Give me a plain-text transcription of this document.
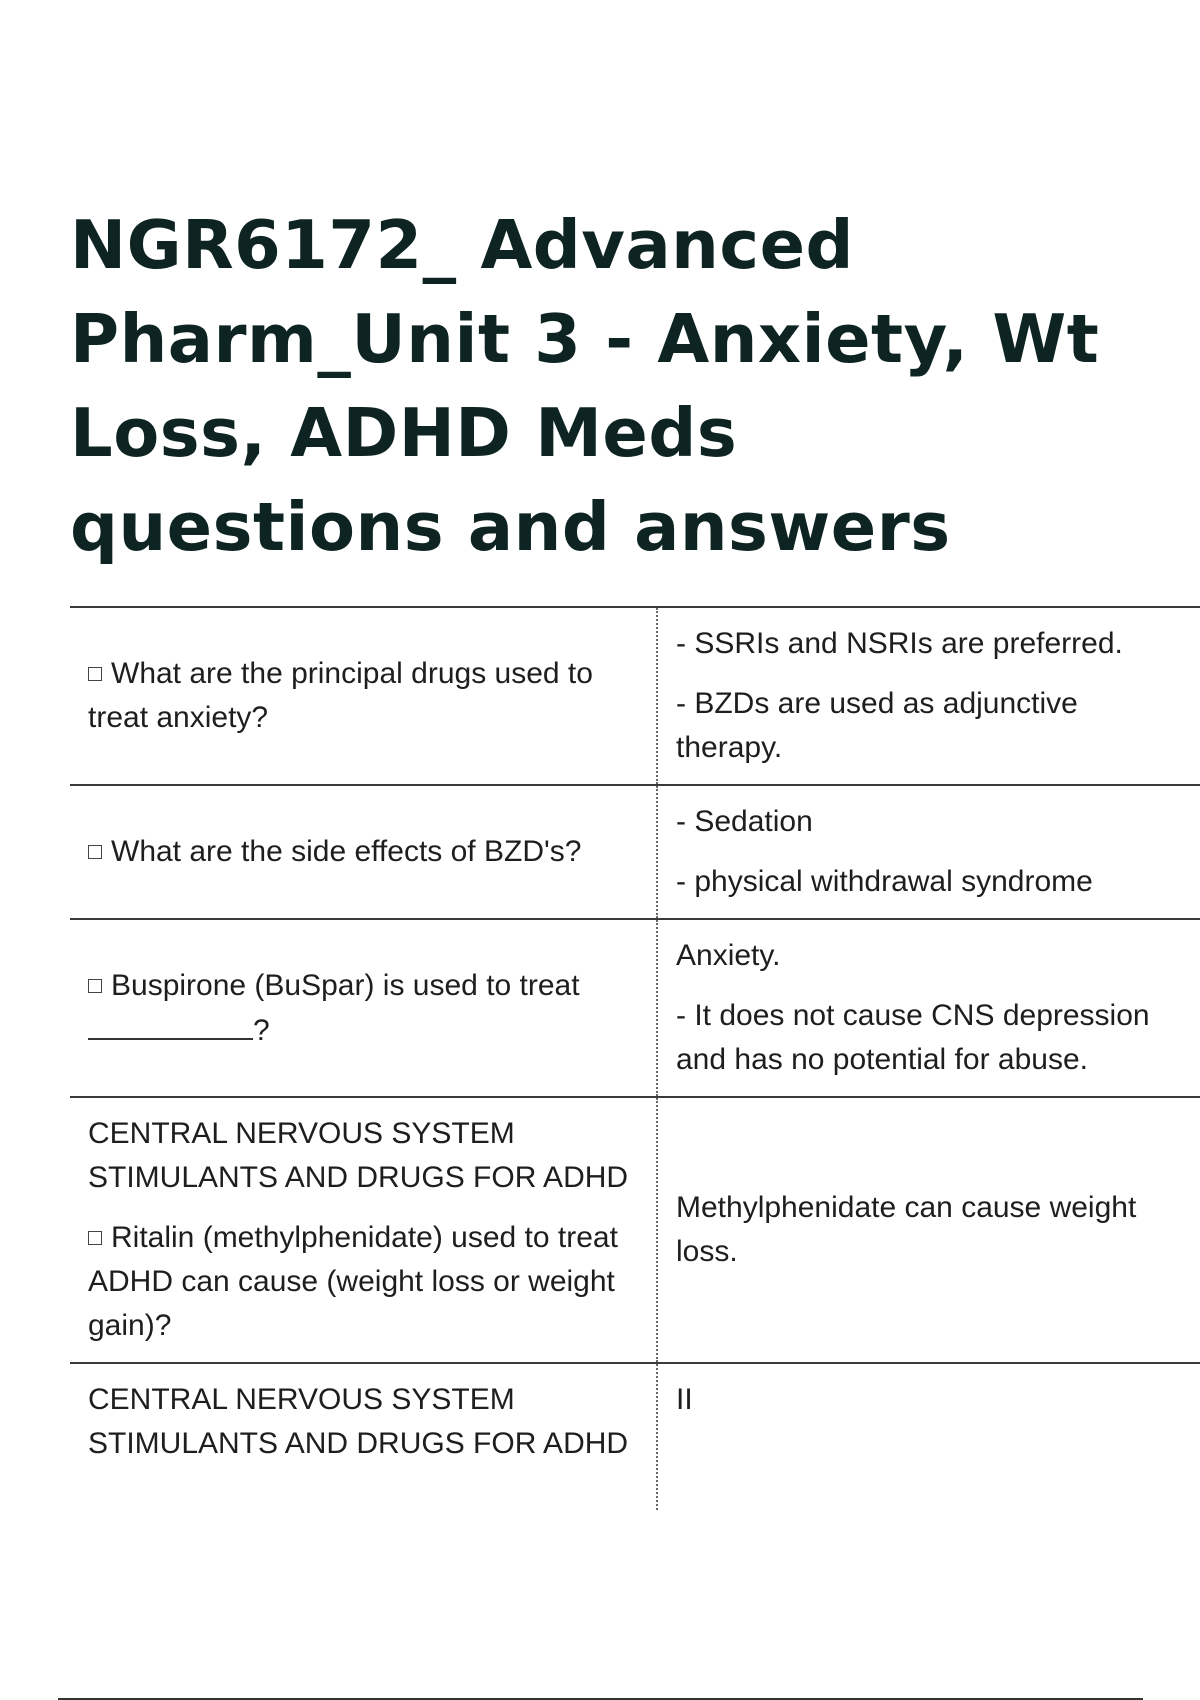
NGR6172_ Advanced Pharm_Unit 3 - Anxiety, Wt Loss, ADHD Meds questions and answers
What are the principal drugs used to treat anxiety?	- SSRIs and NSRIs are preferred.
- BZDs are used as adjunctive therapy.

What are the side effects of BZD's?	- Sedation
- physical withdrawal syndrome

Buspirone (BuSpar) is used to treat
?	Anxiety.
- It does not cause CNS depression and has no potential for abuse.

CENTRAL NERVOUS SYSTEM STIMULANTS AND DRUGS FOR ADHD
Ritalin (methylphenidate) used to treat ADHD can cause (weight loss or weight gain)?	Methylphenidate can cause weight loss.

CENTRAL NERVOUS SYSTEM STIMULANTS AND DRUGS FOR ADHD	II
